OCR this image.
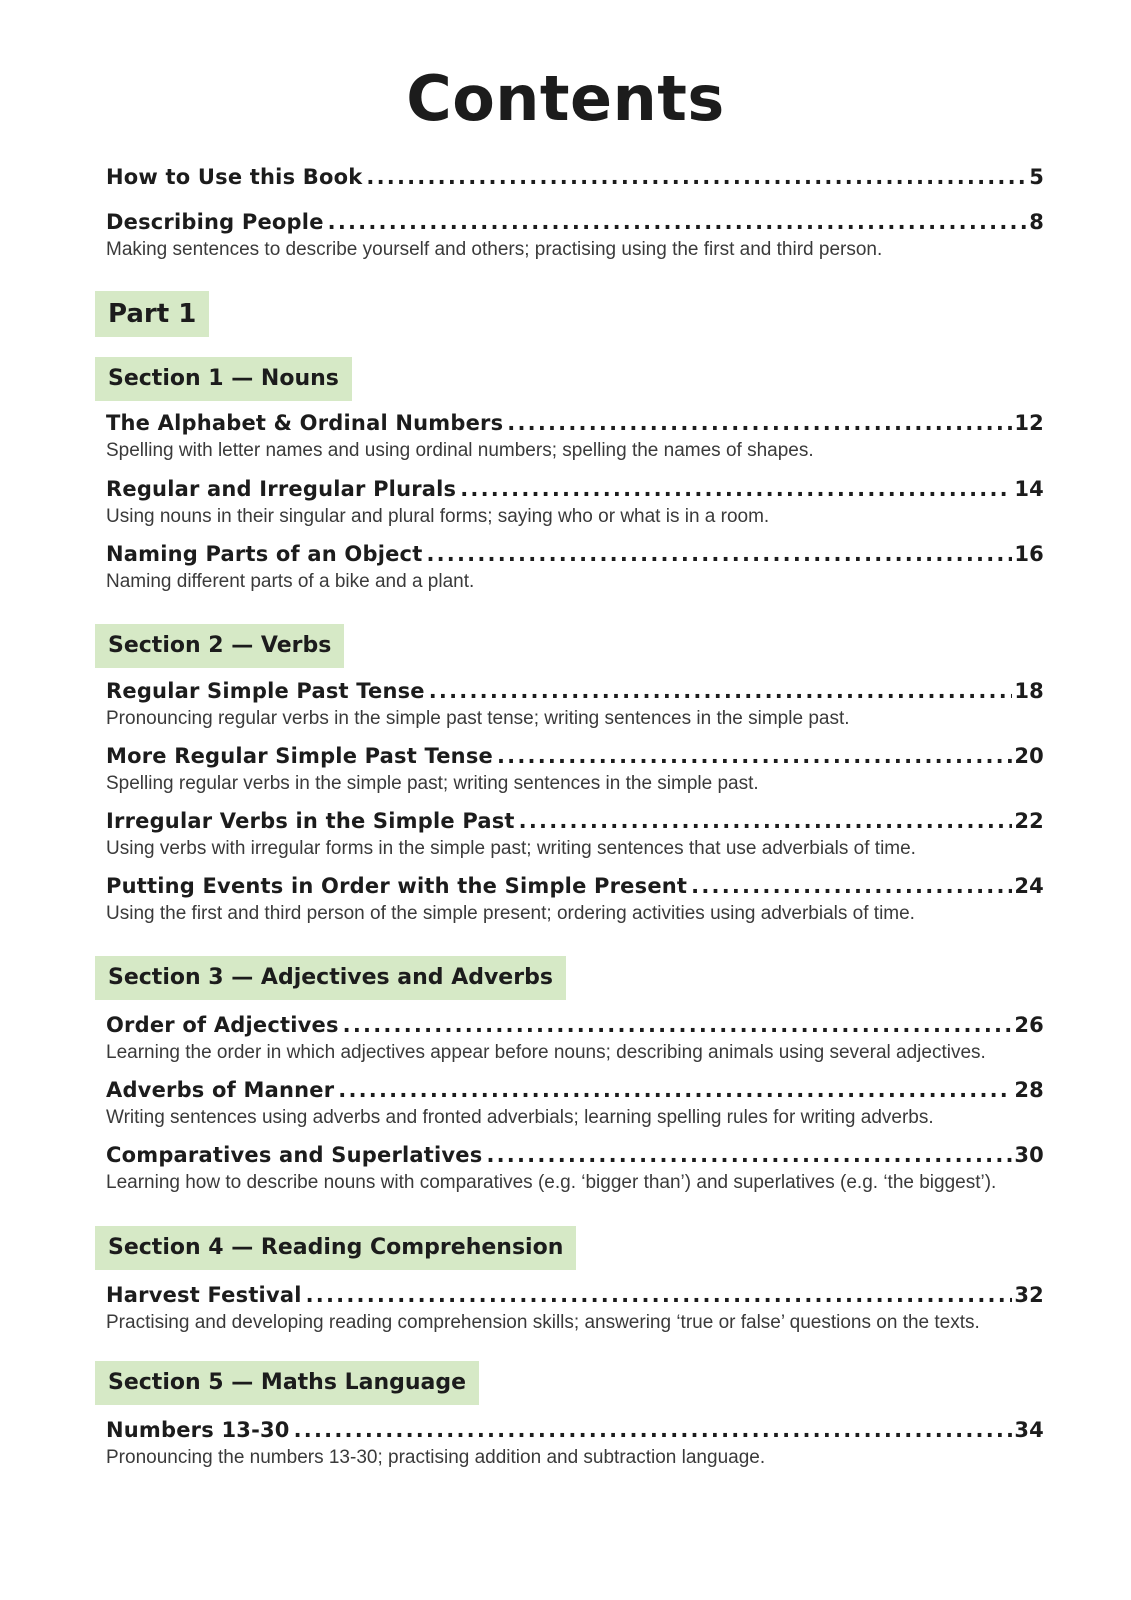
Contents
How to Use this Book .....	5
Describing People .....	8
Making sentences to describe yourself and others; practising using the first and third person.
Part 1
Section 1 — Nouns
The Alphabet & Ordinal Numbers .....	12
Spelling with letter names and using ordinal numbers; spelling the names of shapes.
Regular and Irregular Plurals .....	14
Using nouns in their singular and plural forms; saying who or what is in a room.
Naming Parts of an Object .....	16
Naming different parts of a bike and a plant.
Section 2 — Verbs
Regular Simple Past Tense .....	18
Pronouncing regular verbs in the simple past tense; writing sentences in the simple past.
More Regular Simple Past Tense .....	20
Spelling regular verbs in the simple past; writing sentences in the simple past.
Irregular Verbs in the Simple Past .....	22
Using verbs with irregular forms in the simple past; writing sentences that use adverbials of time.
Putting Events in Order with the Simple Present .....	24
Using the first and third person of the simple present; ordering activities using adverbials of time.
Section 3 — Adjectives and Adverbs
Order of Adjectives .....	26
Learning the order in which adjectives appear before nouns; describing animals using several adjectives.
Adverbs of Manner .....	28
Writing sentences using adverbs and fronted adverbials; learning spelling rules for writing adverbs.
Comparatives and Superlatives .....	30
Learning how to describe nouns with comparatives (e.g. ‘bigger than’) and superlatives (e.g. ‘the biggest’).
Section 4 — Reading Comprehension
Harvest Festival .....	32
Practising and developing reading comprehension skills; answering ‘true or false’ questions on the texts.
Section 5 — Maths Language
Numbers 13-30 .....	34
Pronouncing the numbers 13-30; practising addition and subtraction language.
